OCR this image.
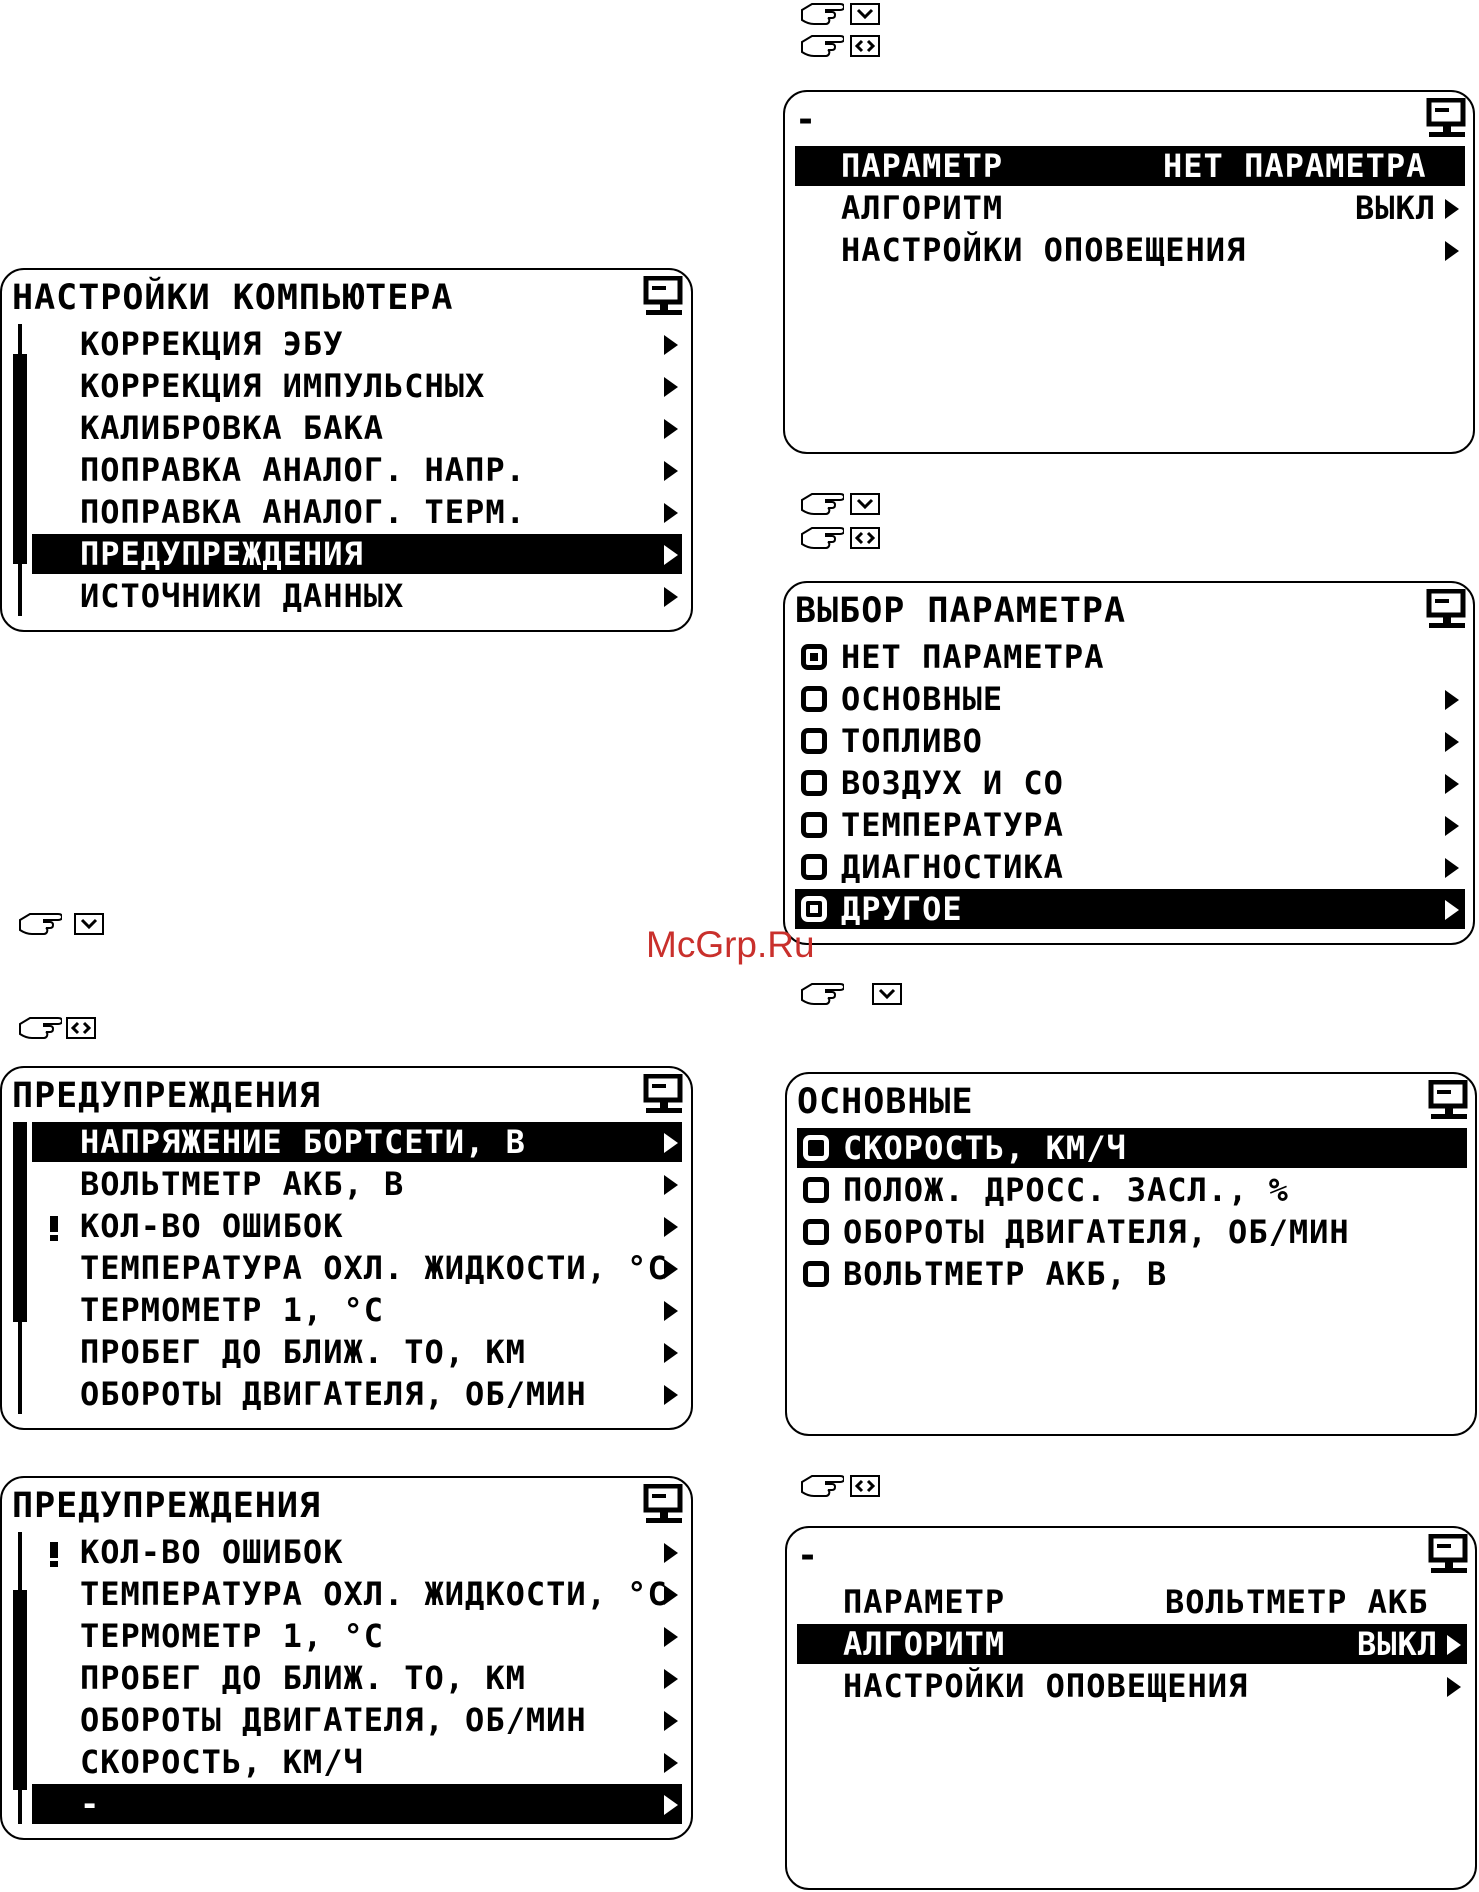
-
ПАРАМЕТР	НЕТ ПАРАМЕТРА
АЛГОРИТМ	ВЫКЛ
НАСТРОЙКИ ОПОВЕЩЕНИЯ
НАСТРОЙКИ КОМПЬЮТЕРА
КОРРЕКЦИЯ ЭБУ
КОРРЕКЦИЯ ИМПУЛЬСНЫХ
КАЛИБРОВКА БАКА
ПОПРАВКА АНАЛОГ. НАПР.
ПОПРАВКА АНАЛОГ. ТЕРМ.
ПРЕДУПРЕЖДЕНИЯ
ИСТОЧНИКИ ДАННЫХ	ВЫБОР ПАРАМЕТРА
НЕТ ПАРАМЕТРА
ОСНОВНЫЕ
ТОПЛИВО
ВОЗДУХ И СО
ТЕМПЕРАТУРА
ДИАГНОСТИКА
ДРУГОЕ
McGrp.Ru
ПРЕДУПРЕЖДЕНИЯ
НАПРЯЖЕНИЕ БОРТСЕТИ, В
ВОЛЬТМЕТР АКБ, В
КОЛ-ВО ОШИБОК
ТЕМПЕРАТУРА ОХЛ. ЖИДКОСТИ, °С
ТЕРМОМЕТР 1, °С
ПРОБЕГ ДО БЛИЖ. ТО, КМ
ОБОРОТЫ ДВИГАТЕЛЯ, ОБ/МИН
ОСНОВНЫЕ
СКОРОСТЬ, КМ/Ч
ПОЛОЖ. ДРОСС. ЗАСЛ., %
ОБОРОТЫ ДВИГАТЕЛЯ, ОБ/МИН
ВОЛЬТМЕТР АКБ, В
ПРЕДУПРЕЖДЕНИЯ
КОЛ-ВО ОШИБОК
ТЕМПЕРАТУРА ОХЛ. ЖИДКОСТИ, °С
ТЕРМОМЕТР 1, °С
ПРОБЕГ ДО БЛИЖ. ТО, КМ
ОБОРОТЫ ДВИГАТЕЛЯ, ОБ/МИН
СКОРОСТЬ, КМ/Ч
-
-
ПАРАМЕТР	ВОЛЬТМЕТР АКБ
АЛГОРИТМ	ВЫКЛ
НАСТРОЙКИ ОПОВЕЩЕНИЯ
